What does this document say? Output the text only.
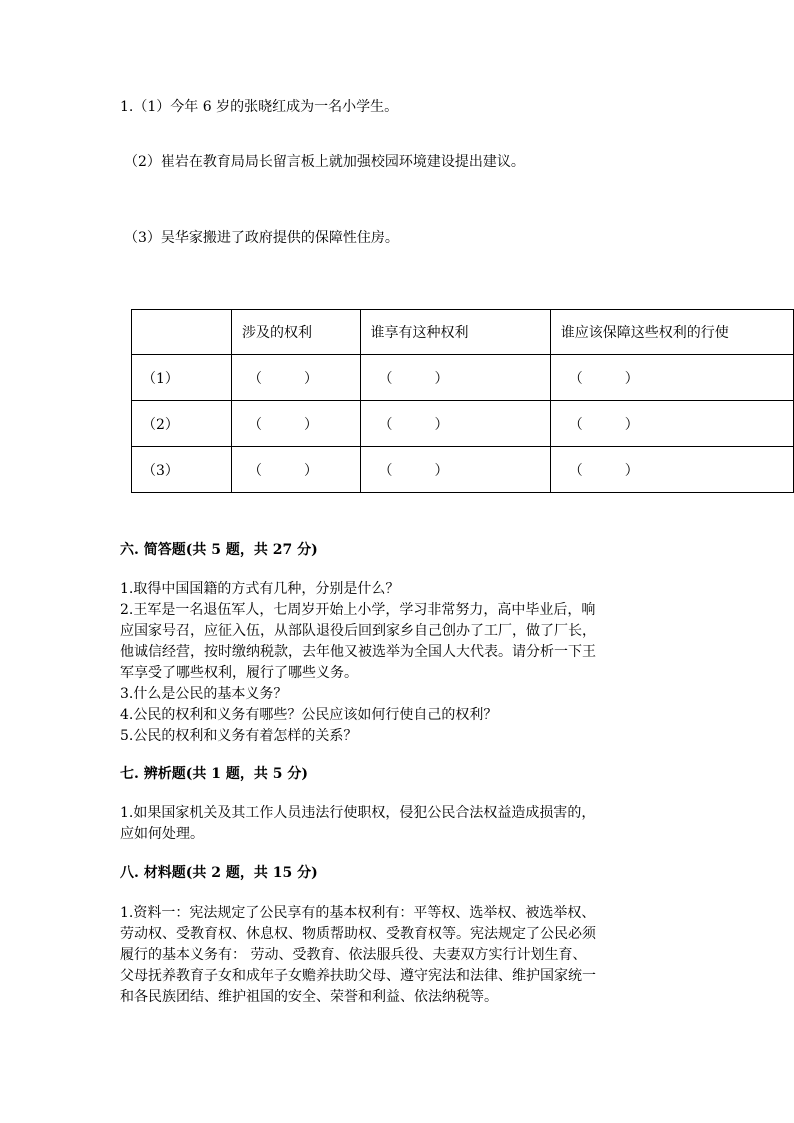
1.（1）今年 6 岁的张晓红成为一名小学生。
（2）崔岩在教育局局长留言板上就加强校园环境建设提出建议。
（3）吴华家搬进了政府提供的保障性住房。
	涉及的权利	谁享有这种权利	谁应该保障这些权利的行使
（1）	（　　　）	（　　　）	（　　　）
（2）	（　　　）	（　　　）	（　　　）
（3）	（　　　）	（　　　）	（　　　）
六. 简答题(共 5 题，共 27 分)
1.取得中国国籍的方式有几种，分别是什么？
2.王军是一名退伍军人，七周岁开始上小学，学习非常努力，高中毕业后，响
应国家号召，应征入伍，从部队退役后回到家乡自己创办了工厂，做了厂长，
他诚信经营，按时缴纳税款，去年他又被选举为全国人大代表。请分析一下王
军享受了哪些权利，履行了哪些义务。
3.什么是公民的基本义务？
4.公民的权利和义务有哪些？公民应该如何行使自己的权利？
5.公民的权利和义务有着怎样的关系？
七. 辨析题(共 1 题，共 5 分)
1.如果国家机关及其工作人员违法行使职权，侵犯公民合法权益造成损害的，
应如何处理。
八. 材料题(共 2 题，共 15 分)
1.资料一：宪法规定了公民享有的基本权利有：平等权、选举权、被选举权、
劳动权、受教育权、休息权、物质帮助权、受教育权等。宪法规定了公民必须
履行的基本义务有： 劳动、受教育、依法服兵役、夫妻双方实行计划生育、
父母抚养教育子女和成年子女赡养扶助父母、遵守宪法和法律、维护国家统一
和各民族团结、维护祖国的安全、荣誉和利益、依法纳税等。
